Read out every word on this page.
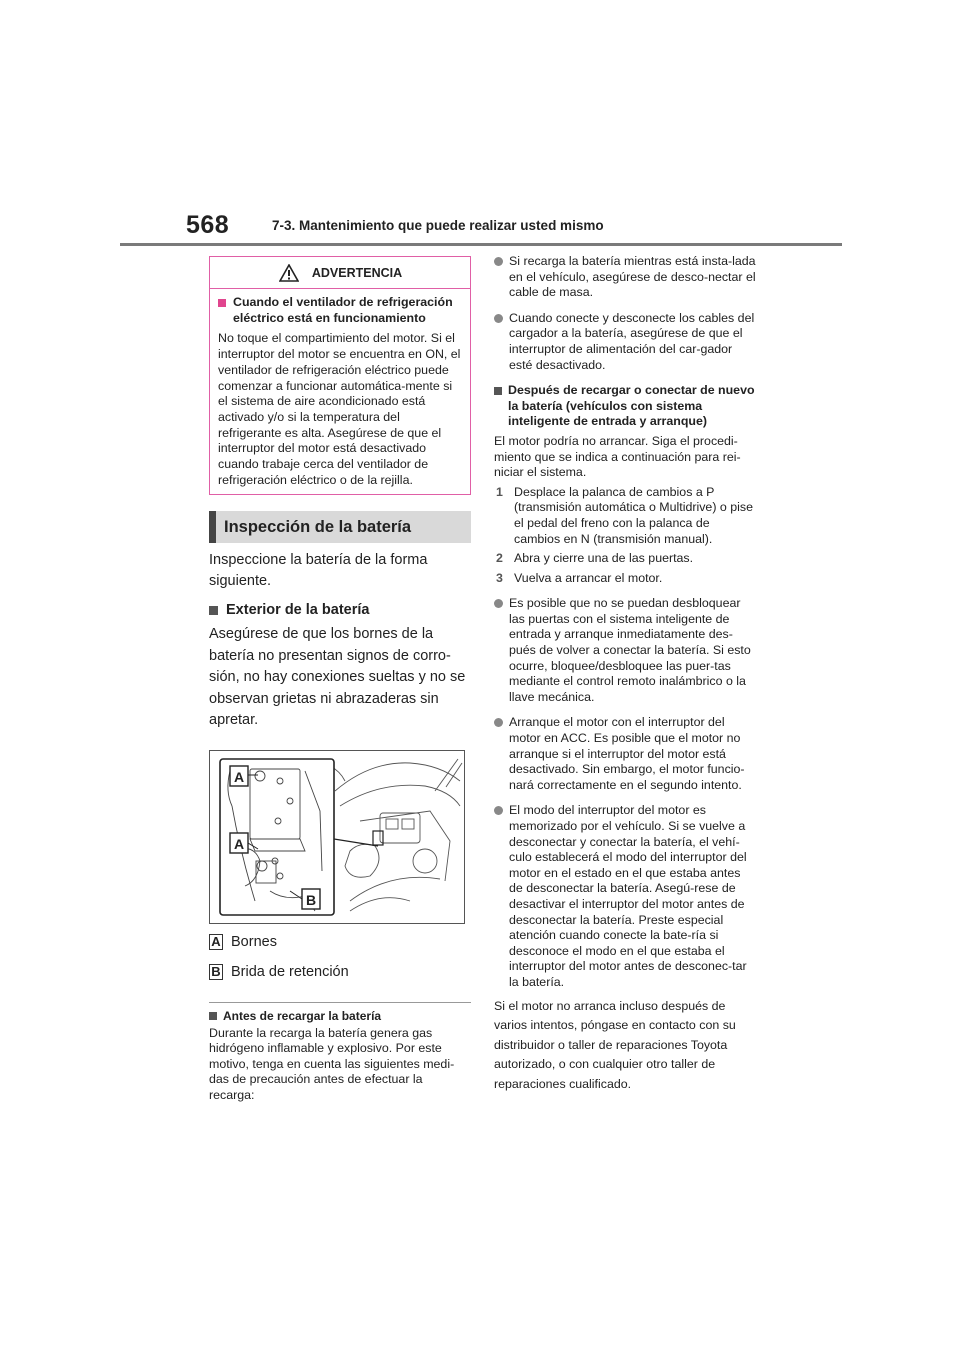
568	7-3. Mantenimiento que puede realizar usted mismo
ADVERTENCIA
Cuando el ventilador de refrigeración eléctrico está en funcionamiento
No toque el compartimiento del motor. Si el interruptor del motor se encuentra en ON, el ventilador de refrigeración eléctrico puede comenzar a funcionar automática-mente si el sistema de aire acondicionado está activado y/o si la temperatura del refrigerante es alta. Asegúrese de que el interruptor del motor está desactivado cuando trabaje cerca del ventilador de refrigeración eléctrico o de la rejilla.
Inspección de la batería
Inspeccione la batería de la forma siguiente.
Exterior de la batería
Asegúrese de que los bornes de la batería no presentan signos de corro-sión, no hay conexiones sueltas y no se observan grietas ni abrazaderas sin apretar.
A
A
B
A Bornes
B Brida de retención
Antes de recargar la batería
Durante la recarga la batería genera gas hidrógeno inflamable y explosivo. Por este motivo, tenga en cuenta las siguientes medi-das de precaución antes de efectuar la recarga:
Si recarga la batería mientras está insta-lada en el vehículo, asegúrese de desco-nectar el cable de masa.
Cuando conecte y desconecte los cables del cargador a la batería, asegúrese de que el interruptor de alimentación del car-gador esté desactivado.
Después de recargar o conectar de nuevo la batería (vehículos con sistema inteligente de entrada y arranque)
El motor podría no arrancar. Siga el procedi-miento que se indica a continuación para rei-niciar el sistema.
1 Desplace la palanca de cambios a P (transmisión automática o Multidrive) o pise el pedal del freno con la palanca de cambios en N (transmisión manual).
2 Abra y cierre una de las puertas.
3 Vuelva a arrancar el motor.
Es posible que no se puedan desbloquear las puertas con el sistema inteligente de entrada y arranque inmediatamente des-pués de volver a conectar la batería. Si esto ocurre, bloquee/desbloquee las puer-tas mediante el control remoto inalámbrico o la llave mecánica.
Arranque el motor con el interruptor del motor en ACC. Es posible que el motor no arranque si el interruptor del motor está desactivado. Sin embargo, el motor funcio-nará correctamente en el segundo intento.
El modo del interruptor del motor es memorizado por el vehículo. Si se vuelve a desconectar y conectar la batería, el vehí-culo establecerá el modo del interruptor del motor en el estado en el que estaba antes de desconectar la batería. Asegú-rese de desactivar el interruptor del motor antes de desconectar la batería. Preste especial atención cuando conecte la bate-ría si desconoce el modo en el que estaba el interruptor del motor antes de desconec-tar la batería.
Si el motor no arranca incluso después de varios intentos, póngase en contacto con su distribuidor o taller de reparaciones Toyota autorizado, o con cualquier otro taller de reparaciones cualificado.
